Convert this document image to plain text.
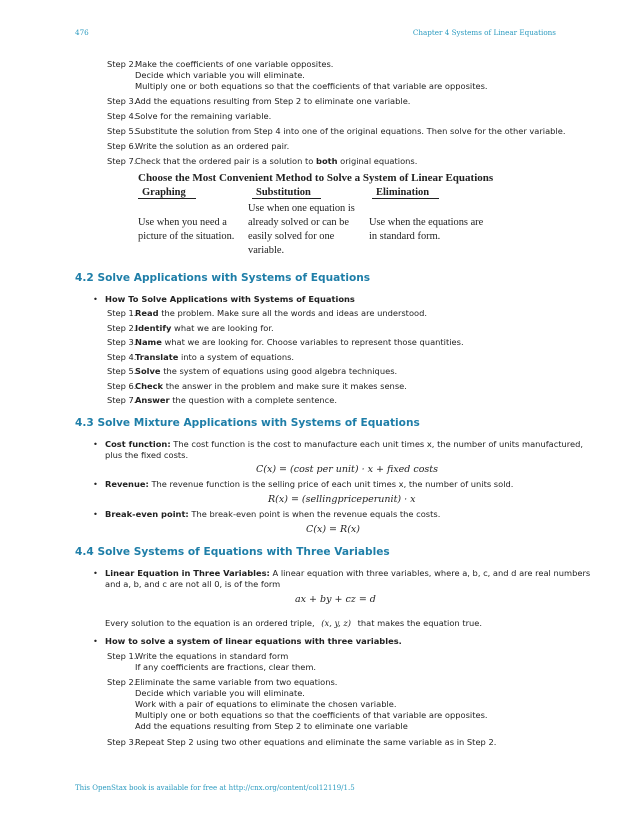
476	Chapter 4 Systems of Linear Equations
Step 2.
Make the coefficients of one variable opposites.
Decide which variable you will eliminate.
Multiply one or both equations so that the coefficients of that variable are opposites.
Step 3.
Add the equations resulting from Step 2 to eliminate one variable.
Step 4.
Solve for the remaining variable.
Step 5.
Substitute the solution from Step 4 into one of the original equations. Then solve for the other variable.
Step 6.
Write the solution as an ordered pair.
Step 7.
Check that the ordered pair is a solution to both original equations.
Choose the Most Convenient Method to Solve a System of Linear Equations
Graphing	Substitution	Elimination
Use when you need a
picture of the situation.
Use when one equation is
already solved or can be
easily solved for one
variable.
Use when the equations are
in standard form.
4.2 Solve Applications with Systems of Equations
• How To Solve Applications with Systems of Equations
Step 1.
Read the problem. Make sure all the words and ideas are understood.
Step 2.
Identify what we are looking for.
Step 3.
Name what we are looking for. Choose variables to represent those quantities.
Step 4.
Translate into a system of equations.
Step 5.
Solve the system of equations using good algebra techniques.
Step 6.
Check the answer in the problem and make sure it makes sense.
Step 7.
Answer the question with a complete sentence.
4.3 Solve Mixture Applications with Systems of Equations
• Cost function: The cost function is the cost to manufacture each unit times x, the number of units manufactured,
plus the fixed costs.
C(x) = (cost per unit) · x + fixed costs
• Revenue: The revenue function is the selling price of each unit times x, the number of units sold.
R(x) = (sellingpriceperunit) · x
• Break-even point: The break-even point is when the revenue equals the costs.
C(x) = R(x)
4.4 Solve Systems of Equations with Three Variables
• Linear Equation in Three Variables: A linear equation with three variables, where a, b, c, and d are real numbers
and a, b, and c are not all 0, is of the form
ax + by + cz = d
Every solution to the equation is an ordered triple, (x, y, z) that makes the equation true.
• How to solve a system of linear equations with three variables.
Step 1.
Write the equations in standard form
If any coefficients are fractions, clear them.
Step 2.
Eliminate the same variable from two equations.
Decide which variable you will eliminate.
Work with a pair of equations to eliminate the chosen variable.
Multiply one or both equations so that the coefficients of that variable are opposites.
Add the equations resulting from Step 2 to eliminate one variable
Step 3.
Repeat Step 2 using two other equations and eliminate the same variable as in Step 2.
This OpenStax book is available for free at http://cnx.org/content/col12119/1.5
